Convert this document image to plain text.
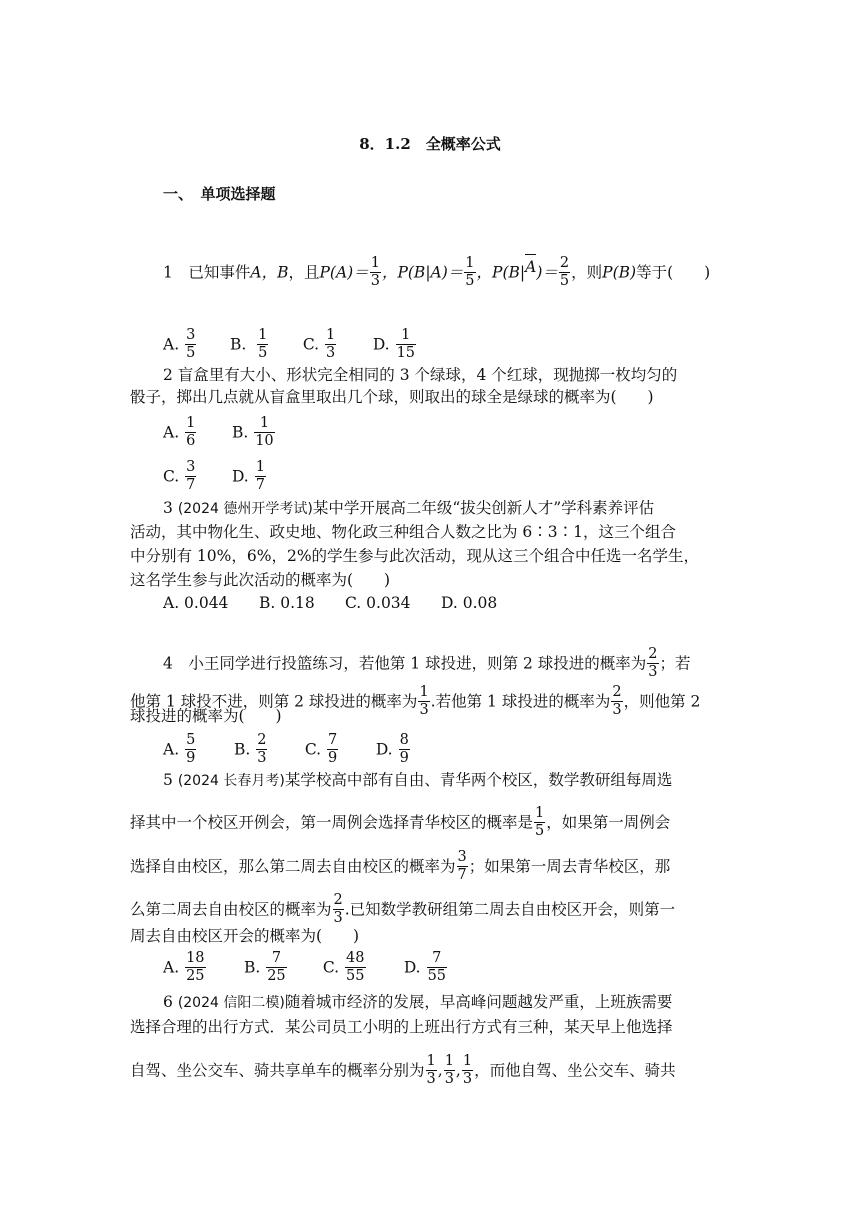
8．1.2　全概率公式
一、　单项选择题
1　已知事件A，B，且$P(A)= \frac{1}{3}$ ，$P(B|A)= \frac{1}{5}$ ，$P(B|A)= \frac{2}{5}$ ，则P(B)等于(　　)
A. $\frac{3}{5} B$. $\frac{1}{5} C$. $\frac{1}{3} D$. $\frac{1}{15}$
2 盲盒里有大小、形状完全相同的 3 个绿球，4 个红球，现抛掷一枚均匀的
骰子，掷出几点就从盲盒里取出几个球，则取出的球全是绿球的概率为(　　)
A. $\frac{1}{6} B$. $\frac{1}{10}$
C. $\frac{3}{7} D$. $\frac{1}{7}$
3 (2024 德州开学考试)某中学开展高二年级“拔尖创新人才”学科素养评估
活动，其中物化生、政史地、物化政三种组合人数之比为 6∶3∶1，这三个组合
中分别有 10%，6%，2%的学生参与此次活动，现从这三个组合中任选一名学生，
这名学生参与此次活动的概率为(　　)
A. 0.044 B. 0.18 C. 0.034 D. 0.08
4　小王同学进行投篮练习，若他第 1 球投进，则第 2 球投进的概率为 $\frac{2}{3}$ ；若
他第 1 球投不进，则第 2 球投进的概率为 $\frac{1}{3}$ .若他第 1 球投进的概率为 $\frac{2}{3}$ ，则他第 2
球投进的概率为(　　)
A. $\frac{5}{9} B$. $\frac{2}{3} C$. $\frac{7}{9} D$. $\frac{8}{9}$
5 (2024 长春月考)某学校高中部有自由、青华两个校区，数学教研组每周选
择其中一个校区开例会，第一周例会选择青华校区的概率是 $\frac{1}{5}$ ，如果第一周例会
选择自由校区，那么第二周去自由校区的概率为 $\frac{3}{7}$ ；如果第一周去青华校区，那
么第二周去自由校区的概率为 $\frac{2}{3}$ .已知数学教研组第二周去自由校区开会，则第一
周去自由校区开会的概率为(　　)
A. $\frac{18}{25} B$. $\frac{7}{25} C$. $\frac{48}{55} D$. $\frac{7}{55}$
6 (2024 信阳二模)随着城市经济的发展，早高峰问题越发严重，上班族需要
选择合理的出行方式．某公司员工小明的上班出行方式有三种，某天早上他选择
自驾、坐公交车、骑共享单车的概率分别为 $\frac{1}{3}$ , $\frac{1}{3}$ , $\frac{1}{3}$ ，而他自驾、坐公交车、骑共
